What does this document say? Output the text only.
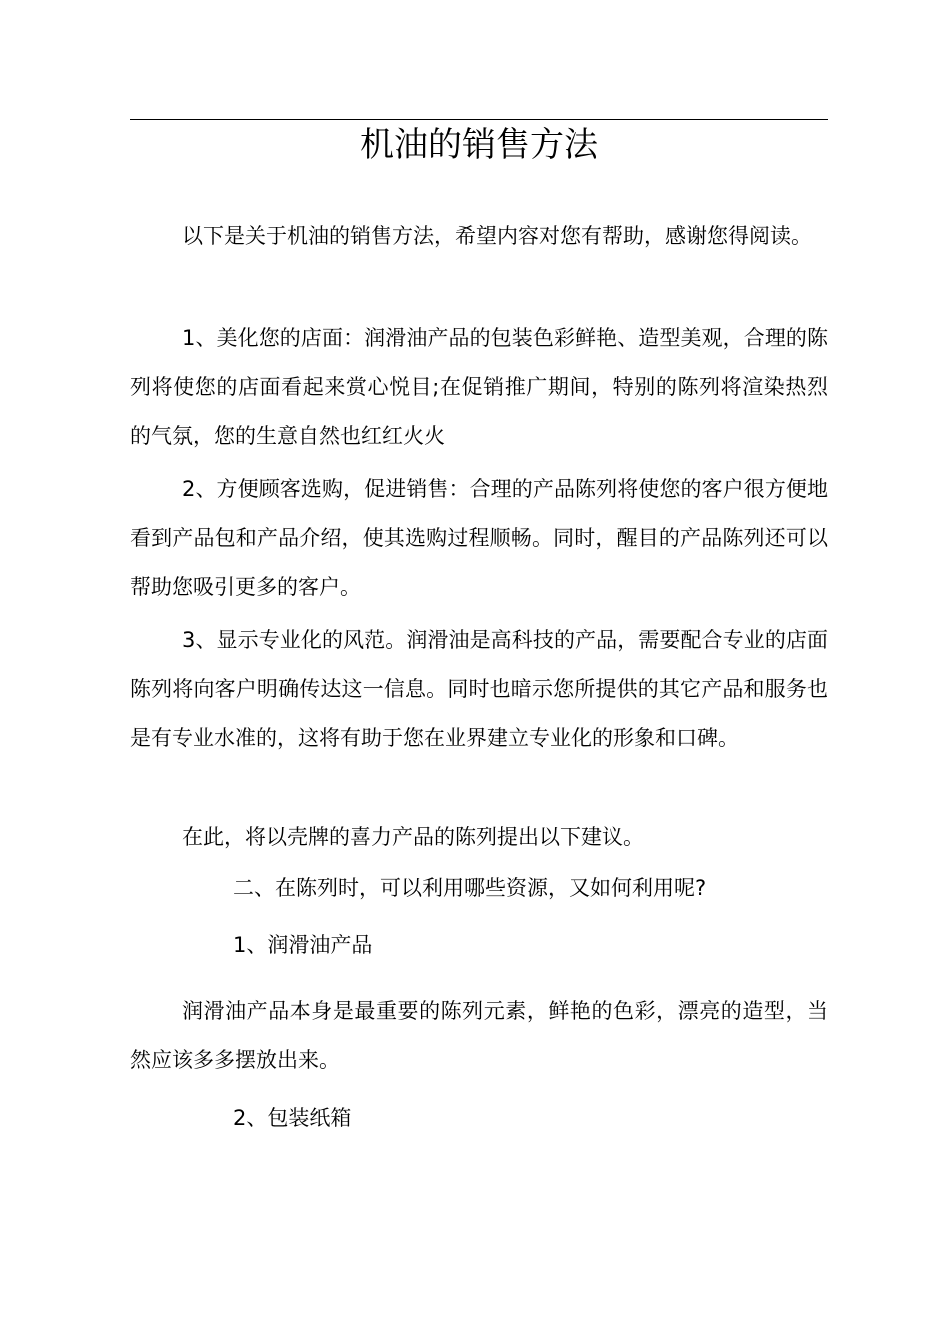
机油的销售方法

以下是关于机油的销售方法，希望内容对您有帮助，感谢您得阅读。

1、美化您的店面：润滑油产品的包装色彩鲜艳、造型美观，合理的陈列将使您的店面看起来赏心悦目;在促销推广期间，特别的陈列将渲染热烈的气氛，您的生意自然也红红火火

2、方便顾客选购，促进销售：合理的产品陈列将使您的客户很方便地看到产品包和产品介绍，使其选购过程顺畅。同时，醒目的产品陈列还可以帮助您吸引更多的客户。

3、显示专业化的风范。润滑油是高科技的产品，需要配合专业的店面陈列将向客户明确传达这一信息。同时也暗示您所提供的其它产品和服务也是有专业水准的，这将有助于您在业界建立专业化的形象和口碑。

在此，将以壳牌的喜力产品的陈列提出以下建议。

二、在陈列时，可以利用哪些资源，又如何利用呢?

1、润滑油产品

润滑油产品本身是最重要的陈列元素，鲜艳的色彩，漂亮的造型，当然应该多多摆放出来。

2、包装纸箱
